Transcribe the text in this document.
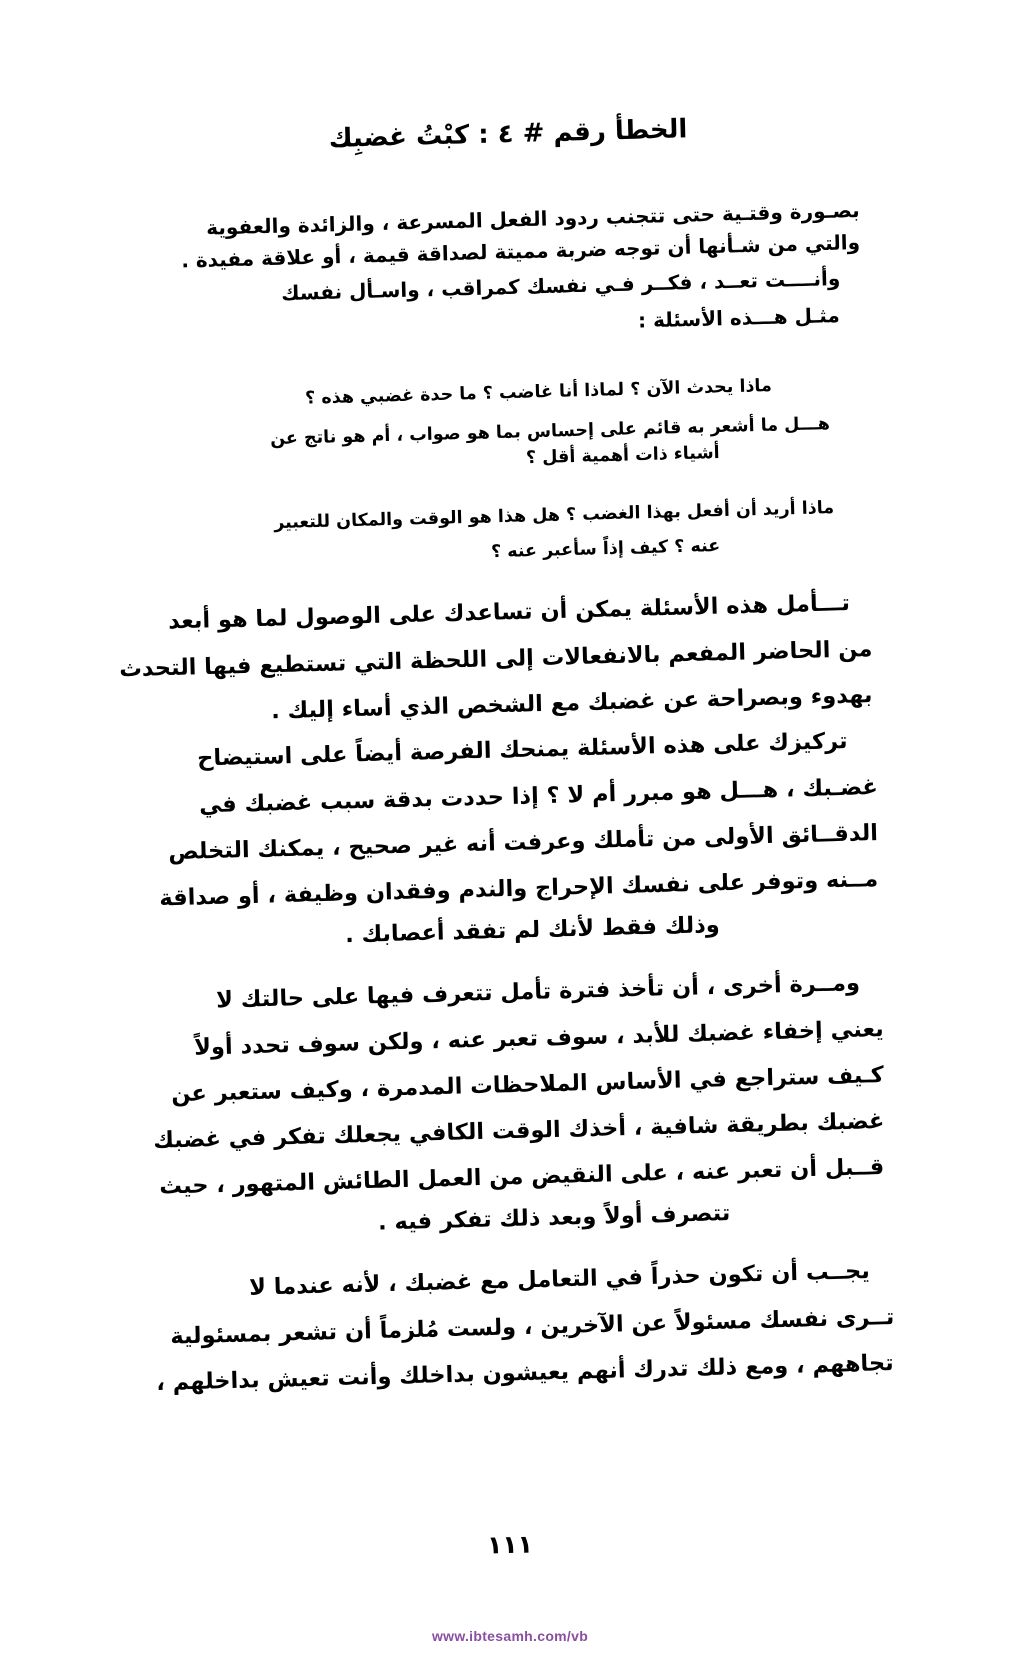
الخطأ رقم # ٤ : كبْتُ غضبِك
بصـورة وقتـية حتى تتجنب ردود الفعل المسرعة ، والزائدة والعفوية
والتي من شـأنها أن توجه ضربة مميتة لصداقة قيمة ، أو علاقة مفيدة .
وأنــــت تعــد ، فكــر فـي نفسك كمراقب ، واسـأل نفسك
مثـل هـــذه الأسئلة :
ماذا يحدث الآن ؟ لماذا أنا غاضب ؟ ما حدة غضبي هذه ؟
هـــل ما أشعر به قائم على إحساس بما هو صواب ، أم هو ناتج عن
أشياء ذات أهمية أقل ؟
ماذا أريد أن أفعل بهذا الغضب ؟ هل هذا هو الوقت والمكان للتعبير
عنه ؟ كيف إذاً سأعبر عنه ؟
تـــأمل هذه الأسئلة يمكن أن تساعدك على الوصول لما هو أبعد
من الحاضر المفعم بالانفعالات إلى اللحظة التي تستطيع فيها التحدث
بهدوء وبصراحة عن غضبك مع الشخص الذي أساء إليك .
تركيزك على هذه الأسئلة يمنحك الفرصة أيضاً على استيضاح
غضـبك ، هـــل هو مبرر أم لا ؟ إذا حددت بدقة سبب غضبك في
الدقــائق الأولى من تأملك وعرفت أنه غير صحيح ، يمكنك التخلص
مــنه وتوفر على نفسك الإحراج والندم وفقدان وظيفة ، أو صداقة
وذلك فقط لأنك لم تفقد أعصابك .
ومــرة أخرى ، أن تأخذ فترة تأمل تتعرف فيها على حالتك لا
يعني إخفاء غضبك للأبد ، سوف تعبر عنه ، ولكن سوف تحدد أولاً
كـيف ستراجع في الأساس الملاحظات المدمرة ، وكيف ستعبر عن
غضبك بطريقة شافية ، أخذك الوقت الكافي يجعلك تفكر في غضبك
قــبل أن تعبر عنه ، على النقيض من العمل الطائش المتهور ، حيث
تتصرف أولاً وبعد ذلك تفكر فيه .
يجــب أن تكون حذراً في التعامل مع غضبك ، لأنه عندما لا
تــرى نفسك مسئولاً عن الآخرين ، ولست مُلزماً أن تشعر بمسئولية
تجاههم ، ومع ذلك تدرك أنهم يعيشون بداخلك وأنت تعيش بداخلهم ،
١١١
www.ibtesamh.com/vb
